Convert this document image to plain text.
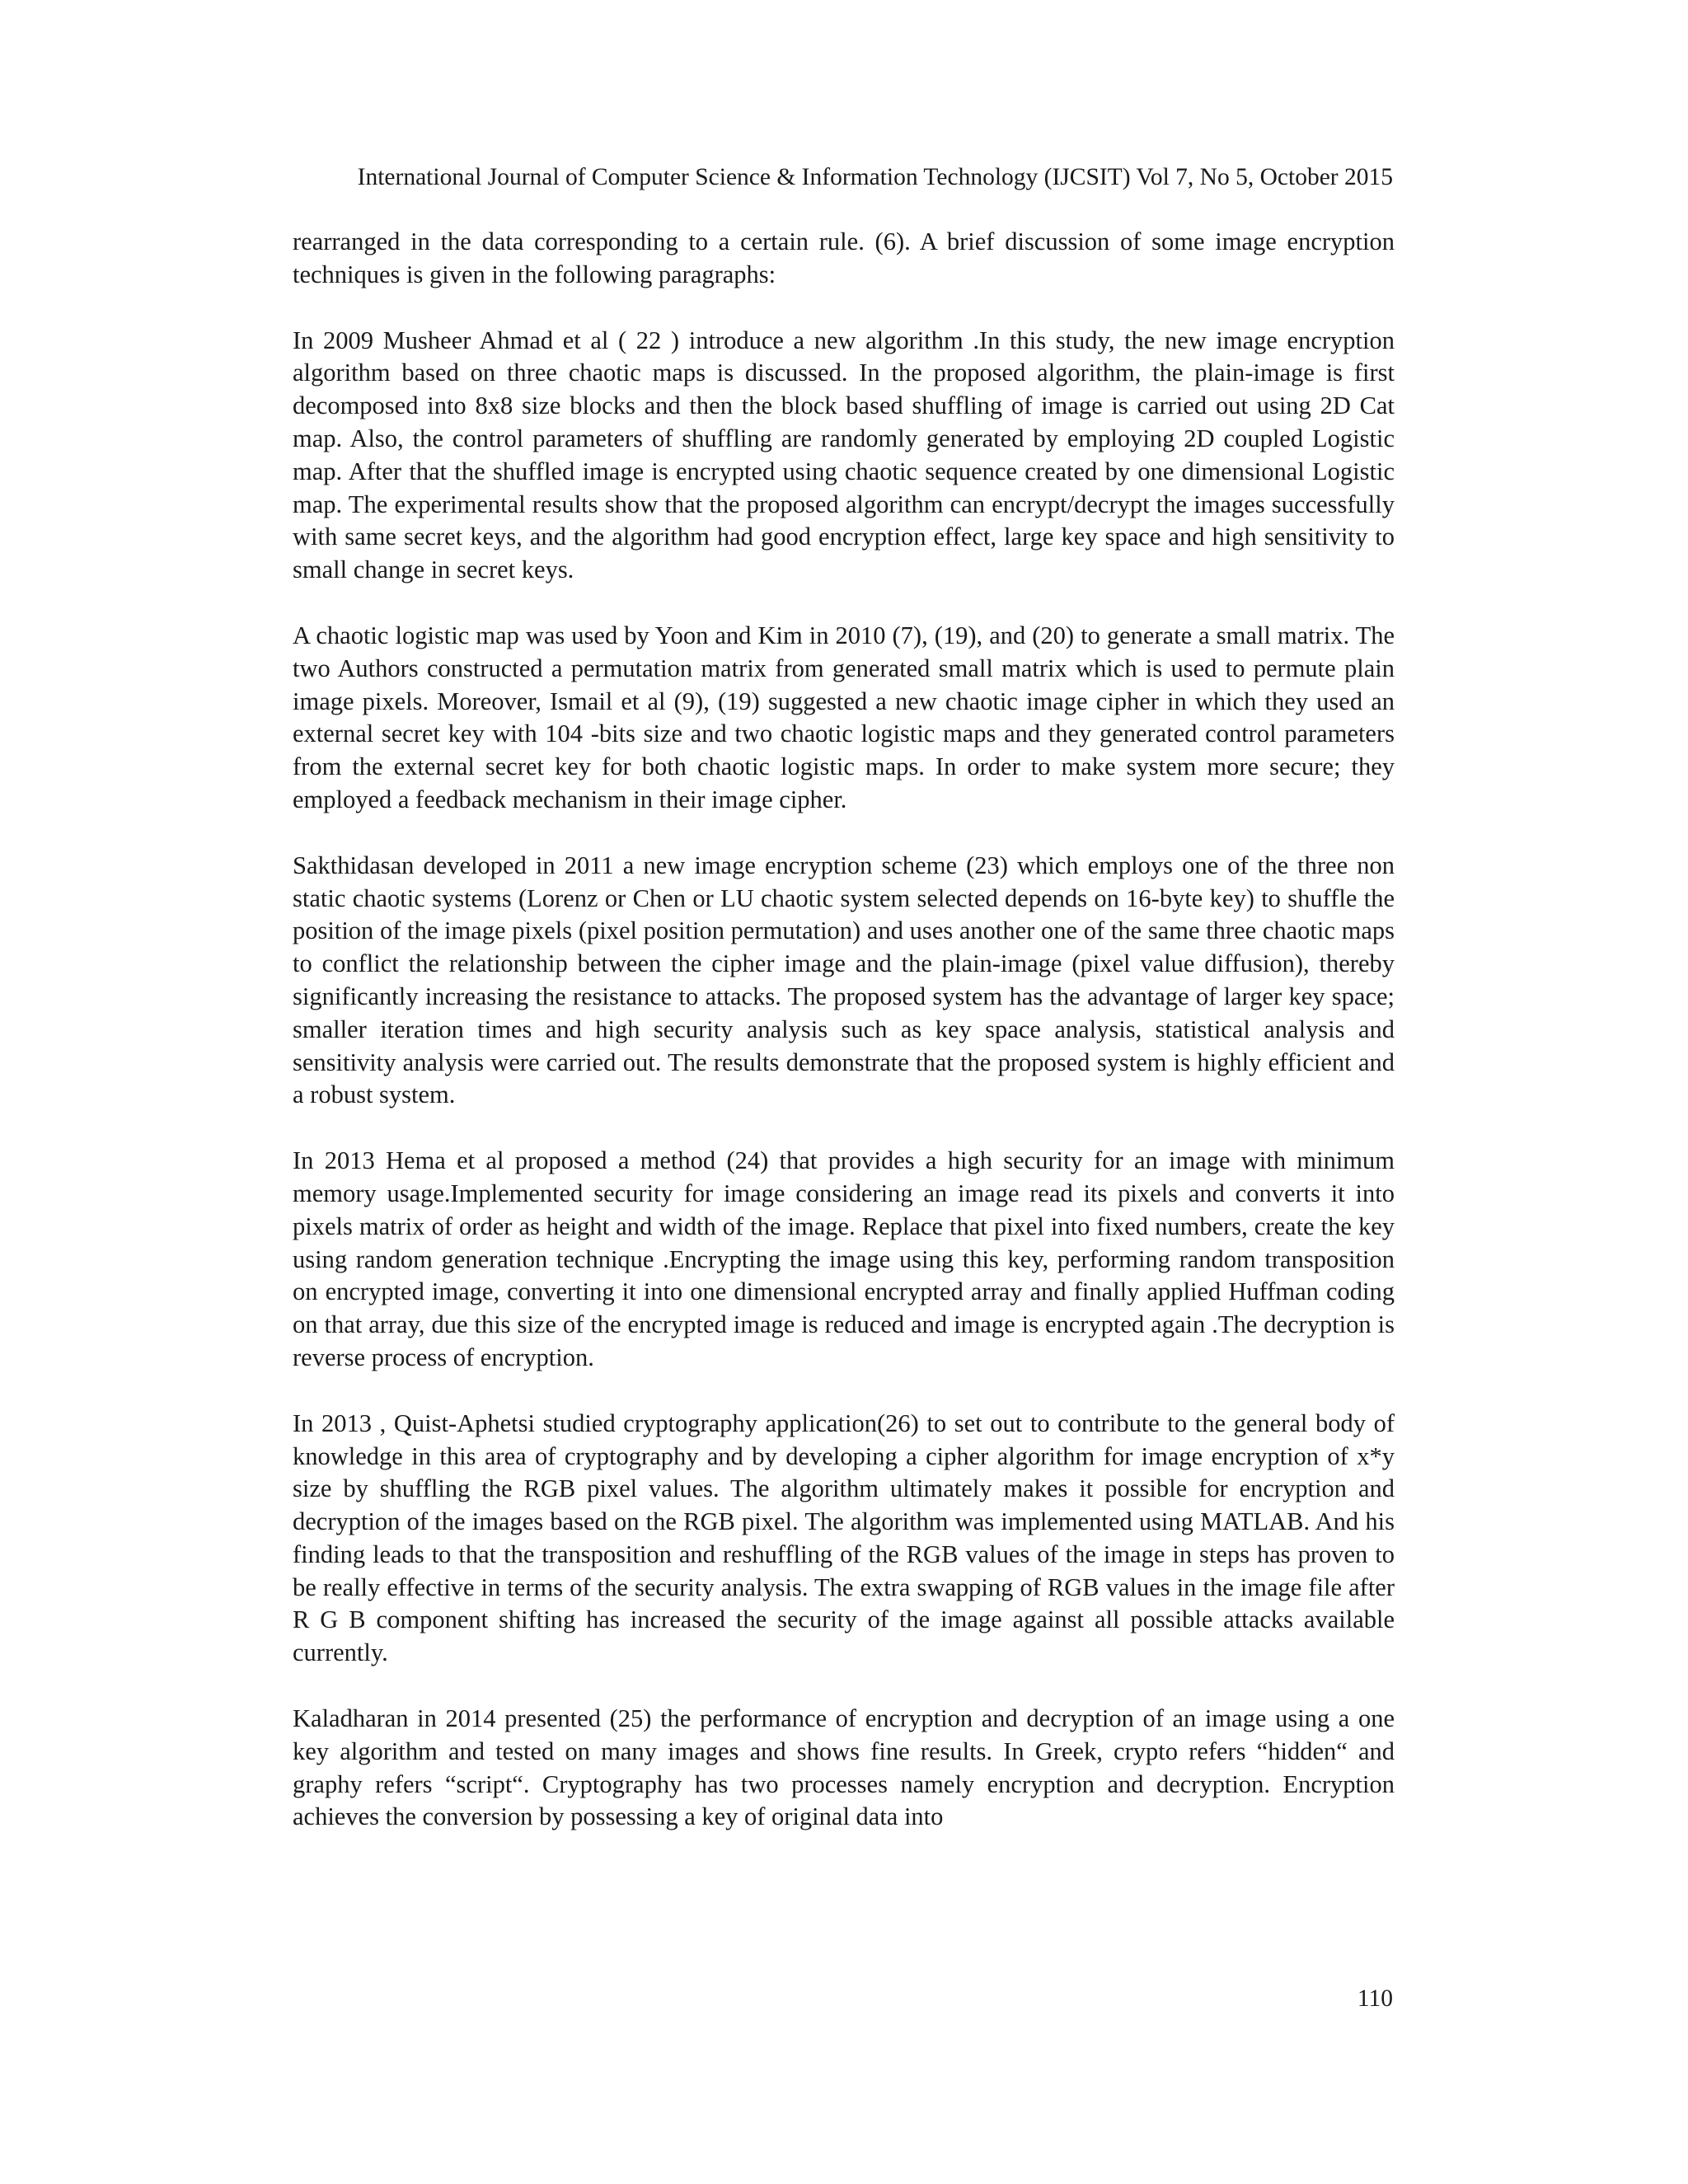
International Journal of Computer Science & Information Technology (IJCSIT) Vol 7, No 5, October 2015

rearranged in the data corresponding to a certain rule. (6). A brief discussion of some image encryption techniques is given in the following paragraphs:

In 2009 Musheer Ahmad et al ( 22 ) introduce a new algorithm .In this study, the new image encryption algorithm based on three chaotic maps is discussed. In the proposed algorithm, the plain-image is first decomposed into 8x8 size blocks and then the block based shuffling of image is carried out using 2D Cat map. Also, the control parameters of shuffling are randomly generated by employing 2D coupled Logistic map. After that the shuffled image is encrypted using chaotic sequence created by one dimensional Logistic map. The experimental results show that the proposed algorithm can encrypt/decrypt the images successfully with same secret keys, and the algorithm had good encryption effect, large key space and high sensitivity to small change in secret keys.

A chaotic logistic map was used by Yoon and Kim in 2010 (7), (19), and (20) to generate a small matrix. The two Authors constructed a permutation matrix from generated small matrix which is used to permute plain image pixels. Moreover, Ismail et al (9), (19) suggested a new chaotic image cipher in which they used an external secret key with 104 -bits size and two chaotic logistic maps and they generated control parameters from the external secret key for both chaotic logistic maps. In order to make system more secure; they employed a feedback mechanism in their image cipher.

Sakthidasan developed in 2011 a new image encryption scheme (23) which employs one of the three non static chaotic systems (Lorenz or Chen or LU chaotic system selected depends on 16-byte key) to shuffle the position of the image pixels (pixel position permutation) and uses another one of the same three chaotic maps to conflict the relationship between the cipher image and the plain-image (pixel value diffusion), thereby significantly increasing the resistance to attacks. The proposed system has the advantage of larger key space; smaller iteration times and high security analysis such as key space analysis, statistical analysis and sensitivity analysis were carried out. The results demonstrate that the proposed system is highly efficient and a robust system.

In 2013 Hema et al proposed a method (24) that provides a high security for an image with minimum memory usage.Implemented security for image considering an image read its pixels and converts it into pixels matrix of order as height and width of the image. Replace that pixel into fixed numbers, create the key using random generation technique .Encrypting the image using this key, performing random transposition on encrypted image, converting it into one dimensional encrypted array and finally applied Huffman coding on that array, due this size of the encrypted image is reduced and image is encrypted again .The decryption is reverse process of encryption.

In 2013 , Quist-Aphetsi studied cryptography application(26) to set out to contribute to the general body of knowledge in this area of cryptography and by developing a cipher algorithm for image encryption of x*y size by shuffling the RGB pixel values. The algorithm ultimately makes it possible for encryption and decryption of the images based on the RGB pixel. The algorithm was implemented using MATLAB. And his finding leads to that the transposition and reshuffling of the RGB values of the image in steps has proven to be really effective in terms of the security analysis. The extra swapping of RGB values in the image file after R G B component shifting has increased the security of the image against all possible attacks available currently.

Kaladharan in 2014 presented (25) the performance of encryption and decryption of an image using a one key algorithm and tested on many images and shows fine results. In Greek, crypto refers “hidden“ and graphy refers “script“. Cryptography has two processes namely encryption and decryption. Encryption achieves the conversion by possessing a key of original data into

110
